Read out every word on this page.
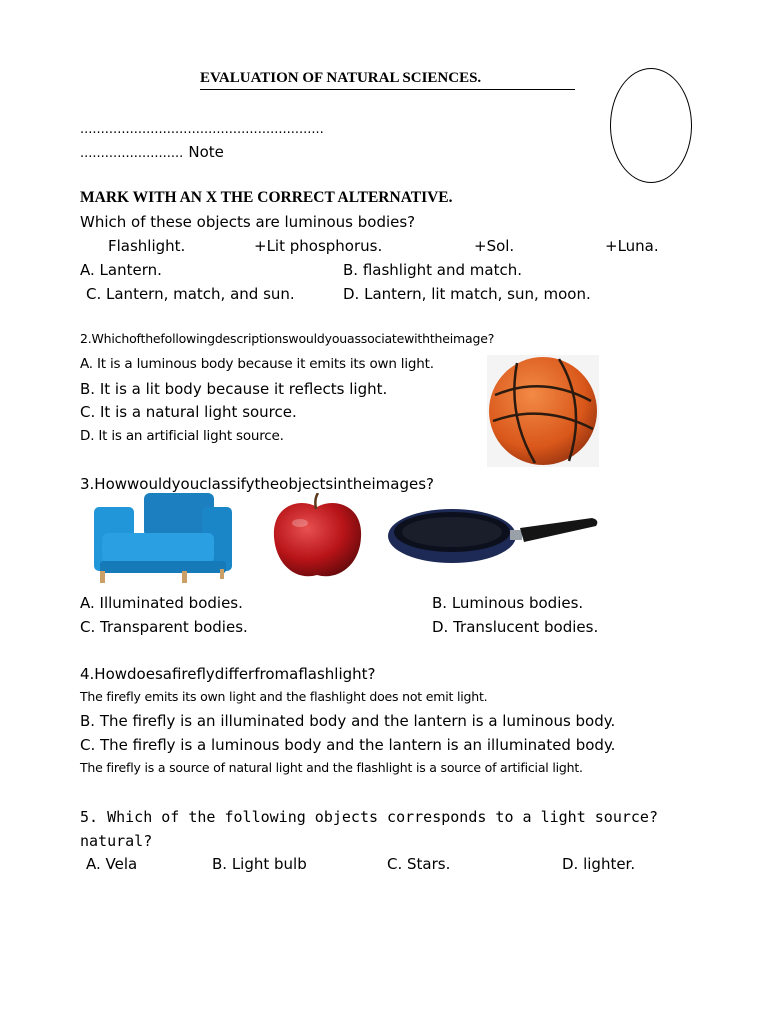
EVALUATION OF NATURAL SCIENCES.
...........................................................
......................... Note
MARK WITH AN X THE CORRECT ALTERNATIVE.
Which of these objects are luminous bodies?
Flashlight.	+Lit phosphorus.	+Sol.	+Luna.
A. Lantern.	B. flashlight and match.
C. Lantern, match, and sun.	D. Lantern, lit match, sun, moon.
2.Whichofthefollowingdescriptionswouldyouassociatewiththeimage?
A. It is a luminous body because it emits its own light.
B. It is a lit body because it reflects light.
C. It is a natural light source.
D. It is an artificial light source.
3.Howwouldyouclassifytheobjectsintheimages?
A. Illuminated bodies.	B. Luminous bodies.
C. Transparent bodies.	D. Translucent bodies.
4.Howdoesafireflydifferfromaflashlight?
The firefly emits its own light and the flashlight does not emit light.
B. The firefly is an illuminated body and the lantern is a luminous body.
C. The firefly is a luminous body and the lantern is an illuminated body.
The firefly is a source of natural light and the flashlight is a source of artificial light.
5. Which of the following objects corresponds to a light source?
natural?
A. Vela	B. Light bulb	C. Stars.	D. lighter.
